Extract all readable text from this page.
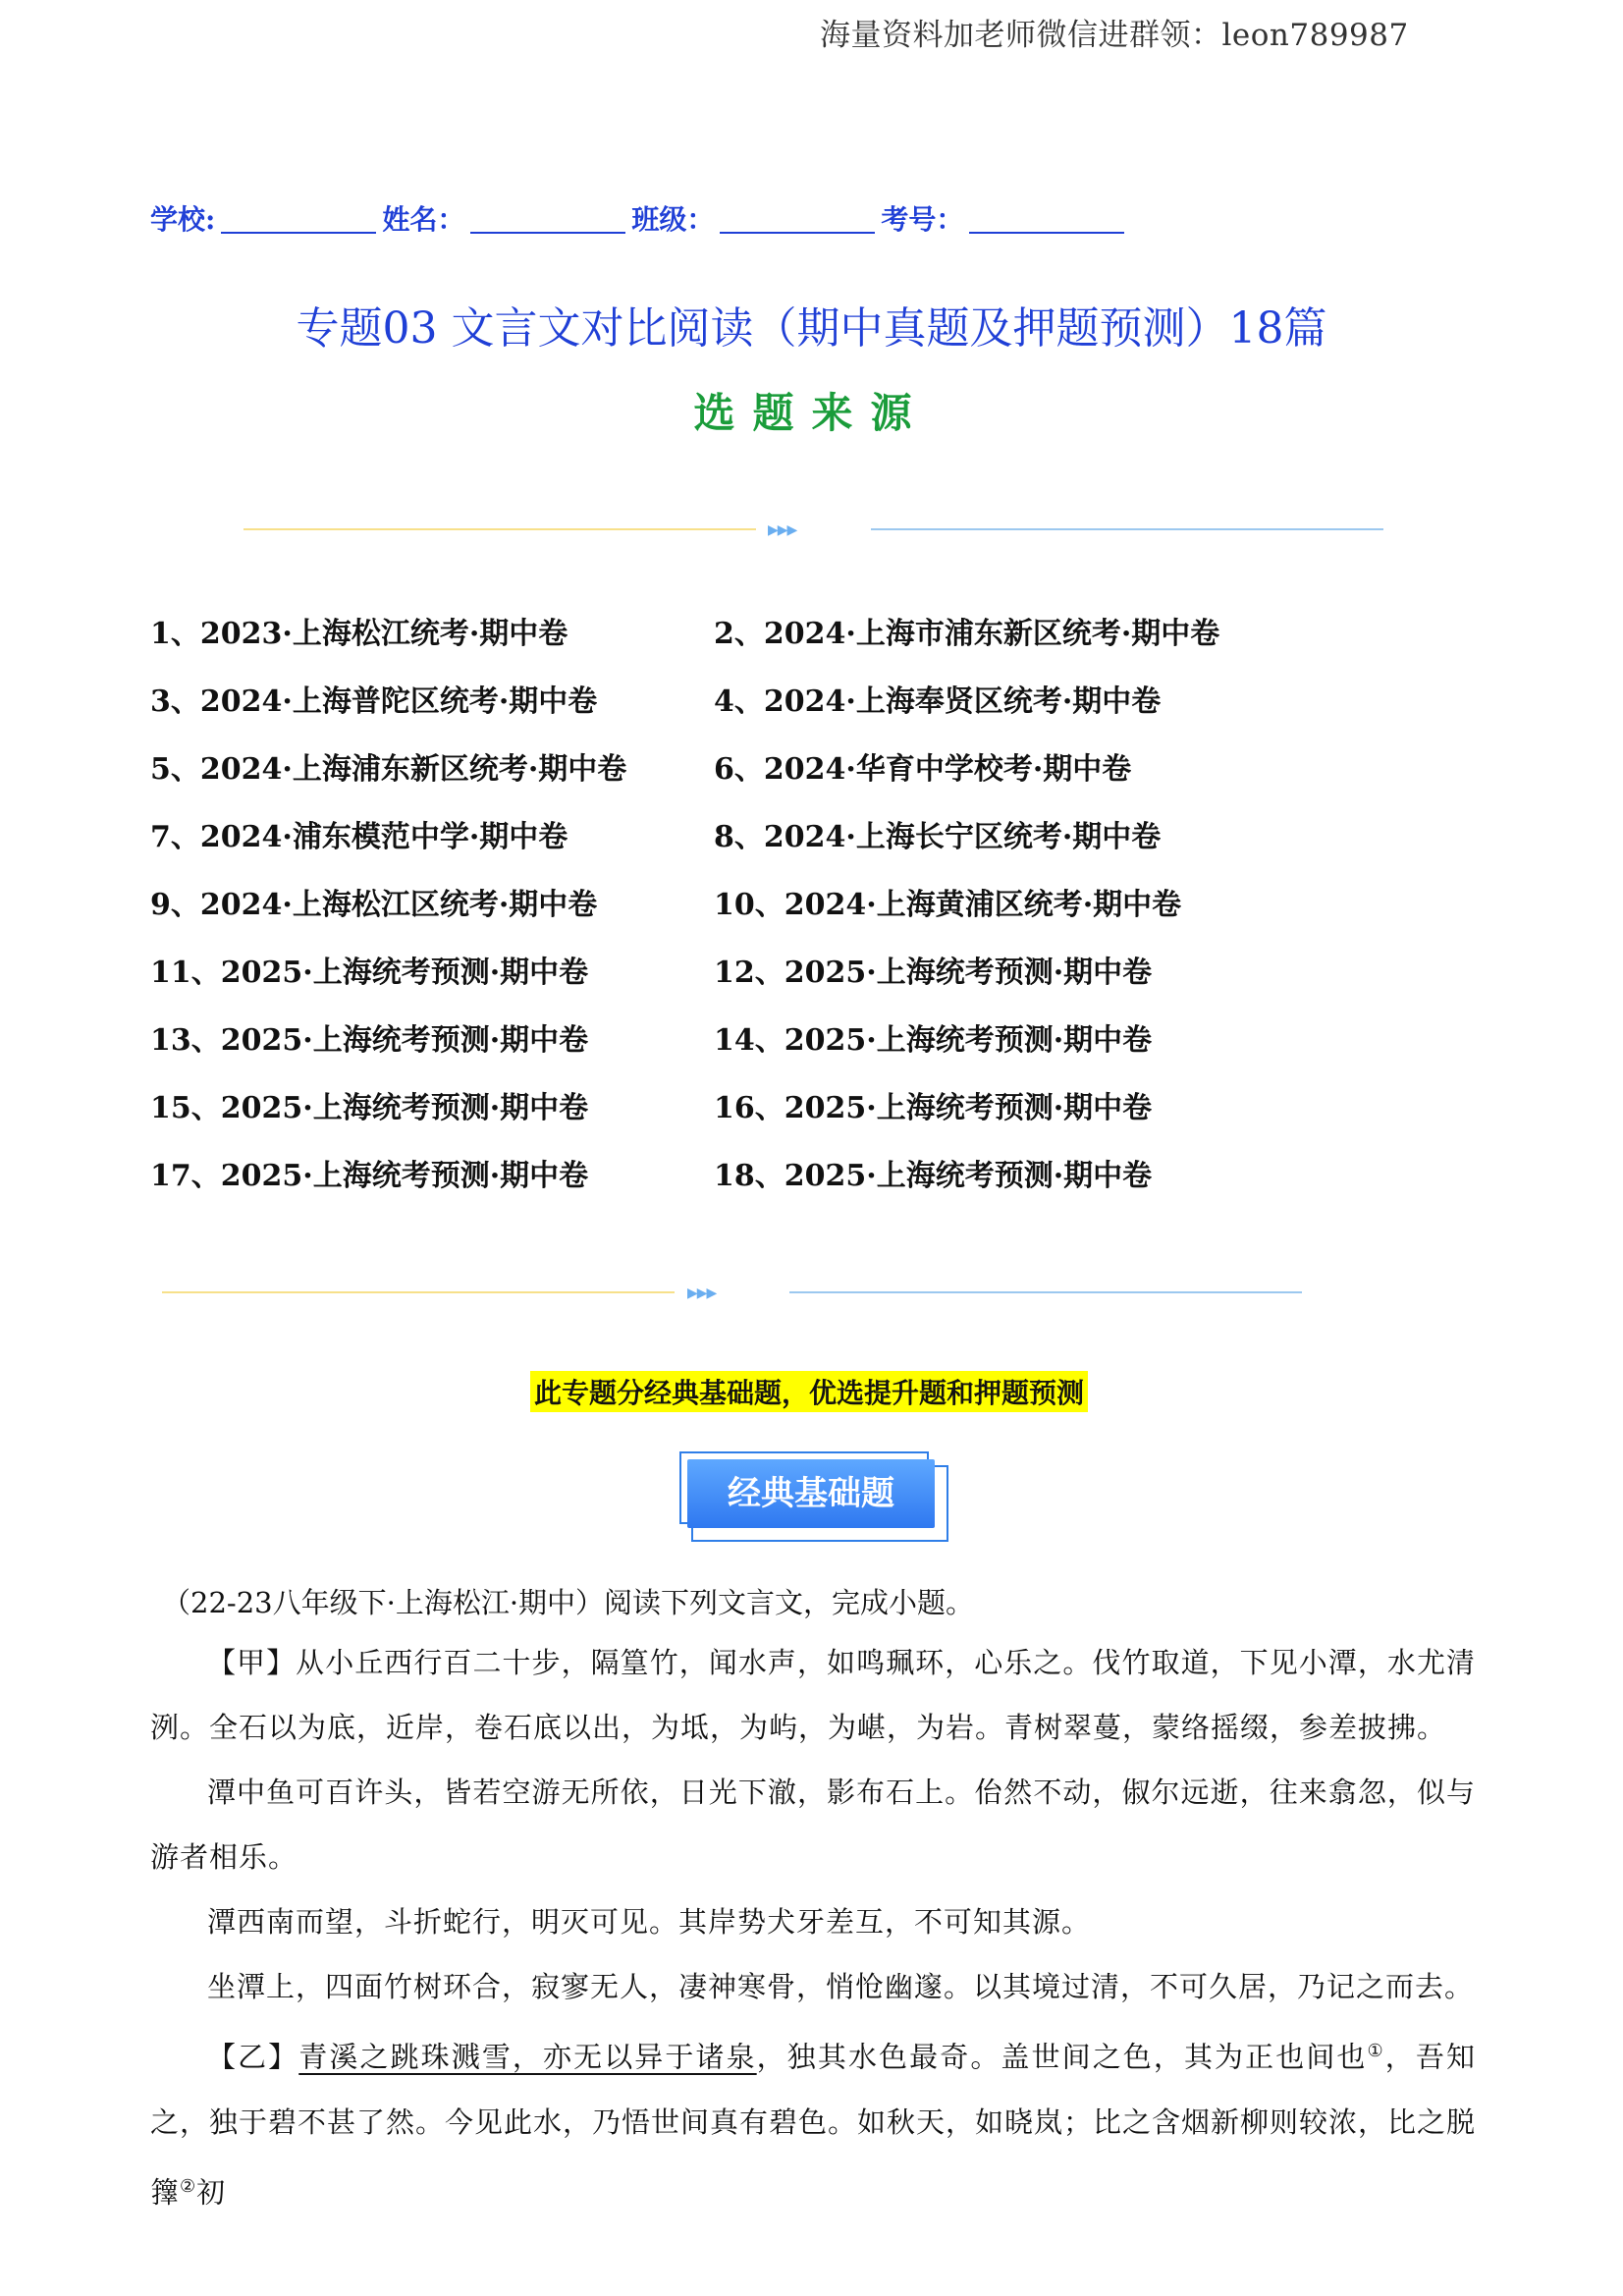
海量资料加老师微信进群领：leon789987
学校:	姓名：	班级：	考号：
专题03 文言文对比阅读（期中真题及押题预测）18篇
选题来源
▶▶▶
1、2023·上海松江统考·期中卷	2、2024·上海市浦东新区统考·期中卷
3、2024·上海普陀区统考·期中卷	4、2024·上海奉贤区统考·期中卷
5、2024·上海浦东新区统考·期中卷	6、2024·华育中学校考·期中卷
7、2024·浦东模范中学·期中卷	8、2024·上海长宁区统考·期中卷
9、2024·上海松江区统考·期中卷	10、2024·上海黄浦区统考·期中卷
11、2025·上海统考预测·期中卷	12、2025·上海统考预测·期中卷
13、2025·上海统考预测·期中卷	14、2025·上海统考预测·期中卷
15、2025·上海统考预测·期中卷	16、2025·上海统考预测·期中卷
17、2025·上海统考预测·期中卷	18、2025·上海统考预测·期中卷
▶▶▶
此专题分经典基础题，优选提升题和押题预测
经典基础题
（22-23八年级下·上海松江·期中）阅读下列文言文，完成小题。
【甲】从小丘西行百二十步，隔篁竹，闻水声，如鸣珮环，心乐之。伐竹取道，下见小潭，水尤清洌。全石以为底，近岸，卷石底以出，为坻，为屿，为嵁，为岩。青树翠蔓，蒙络摇缀，参差披拂。
潭中鱼可百许头，皆若空游无所依，日光下澈，影布石上。佁然不动，俶尔远逝，往来翕忽，似与游者相乐。
潭西南而望，斗折蛇行，明灭可见。其岸势犬牙差互，不可知其源。
坐潭上，四面竹树环合，寂寥无人，凄神寒骨，悄怆幽邃。以其境过清，不可久居，乃记之而去。
【乙】青溪之跳珠溅雪，亦无以异于诸泉，独其水色最奇。盖世间之色，其为正也间也①，吾知之，独于碧不甚了然。今见此水，乃悟世间真有碧色。如秋天，如晓岚；比之含烟新柳则较浓，比之脱籜②初
